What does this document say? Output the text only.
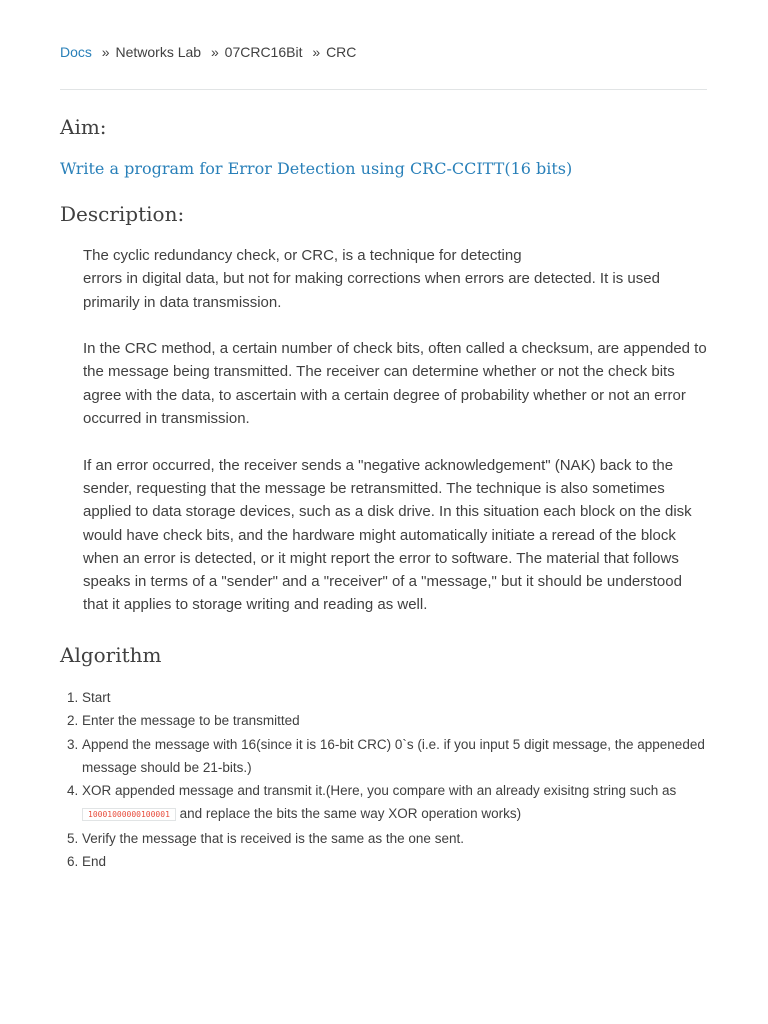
Docs » Networks Lab » 07CRC16Bit » CRC
Aim:
Write a program for Error Detection using CRC-CCITT(16 bits)
Description:

The cyclic redundancy check, or CRC, is a technique for detecting
errors in digital data, but not for making corrections when errors are detected. It is used primarily in data transmission.

In the CRC method, a certain number of check bits, often called a checksum, are appended to the message being transmitted. The receiver can determine whether or not the check bits agree with the data, to ascertain with a certain degree of probability whether or not an error occurred in transmission.

If an error occurred, the receiver sends a "negative acknowledgement" (NAK) back to the sender, requesting that the message be retransmitted. The technique is also sometimes applied to data storage devices, such as a disk drive. In this situation each block on the disk would have check bits, and the hardware might automatically initiate a reread of the block when an error is detected, or it might report the error to software. The material that follows speaks in terms of a "sender" and a "receiver" of a "message," but it should be understood that it applies to storage writing and reading as well.

Algorithm
1. Start
2. Enter the message to be transmitted
3. Append the message with 16(since it is 16-bit CRC) 0`s (i.e. if you input 5 digit message, the appeneded message should be 21-bits.)
4. XOR appended message and transmit it.(Here, you compare with an already exisitng string such as 10001000000100001 and replace the bits the same way XOR operation works)
5. Verify the message that is received is the same as the one sent.
6. End
